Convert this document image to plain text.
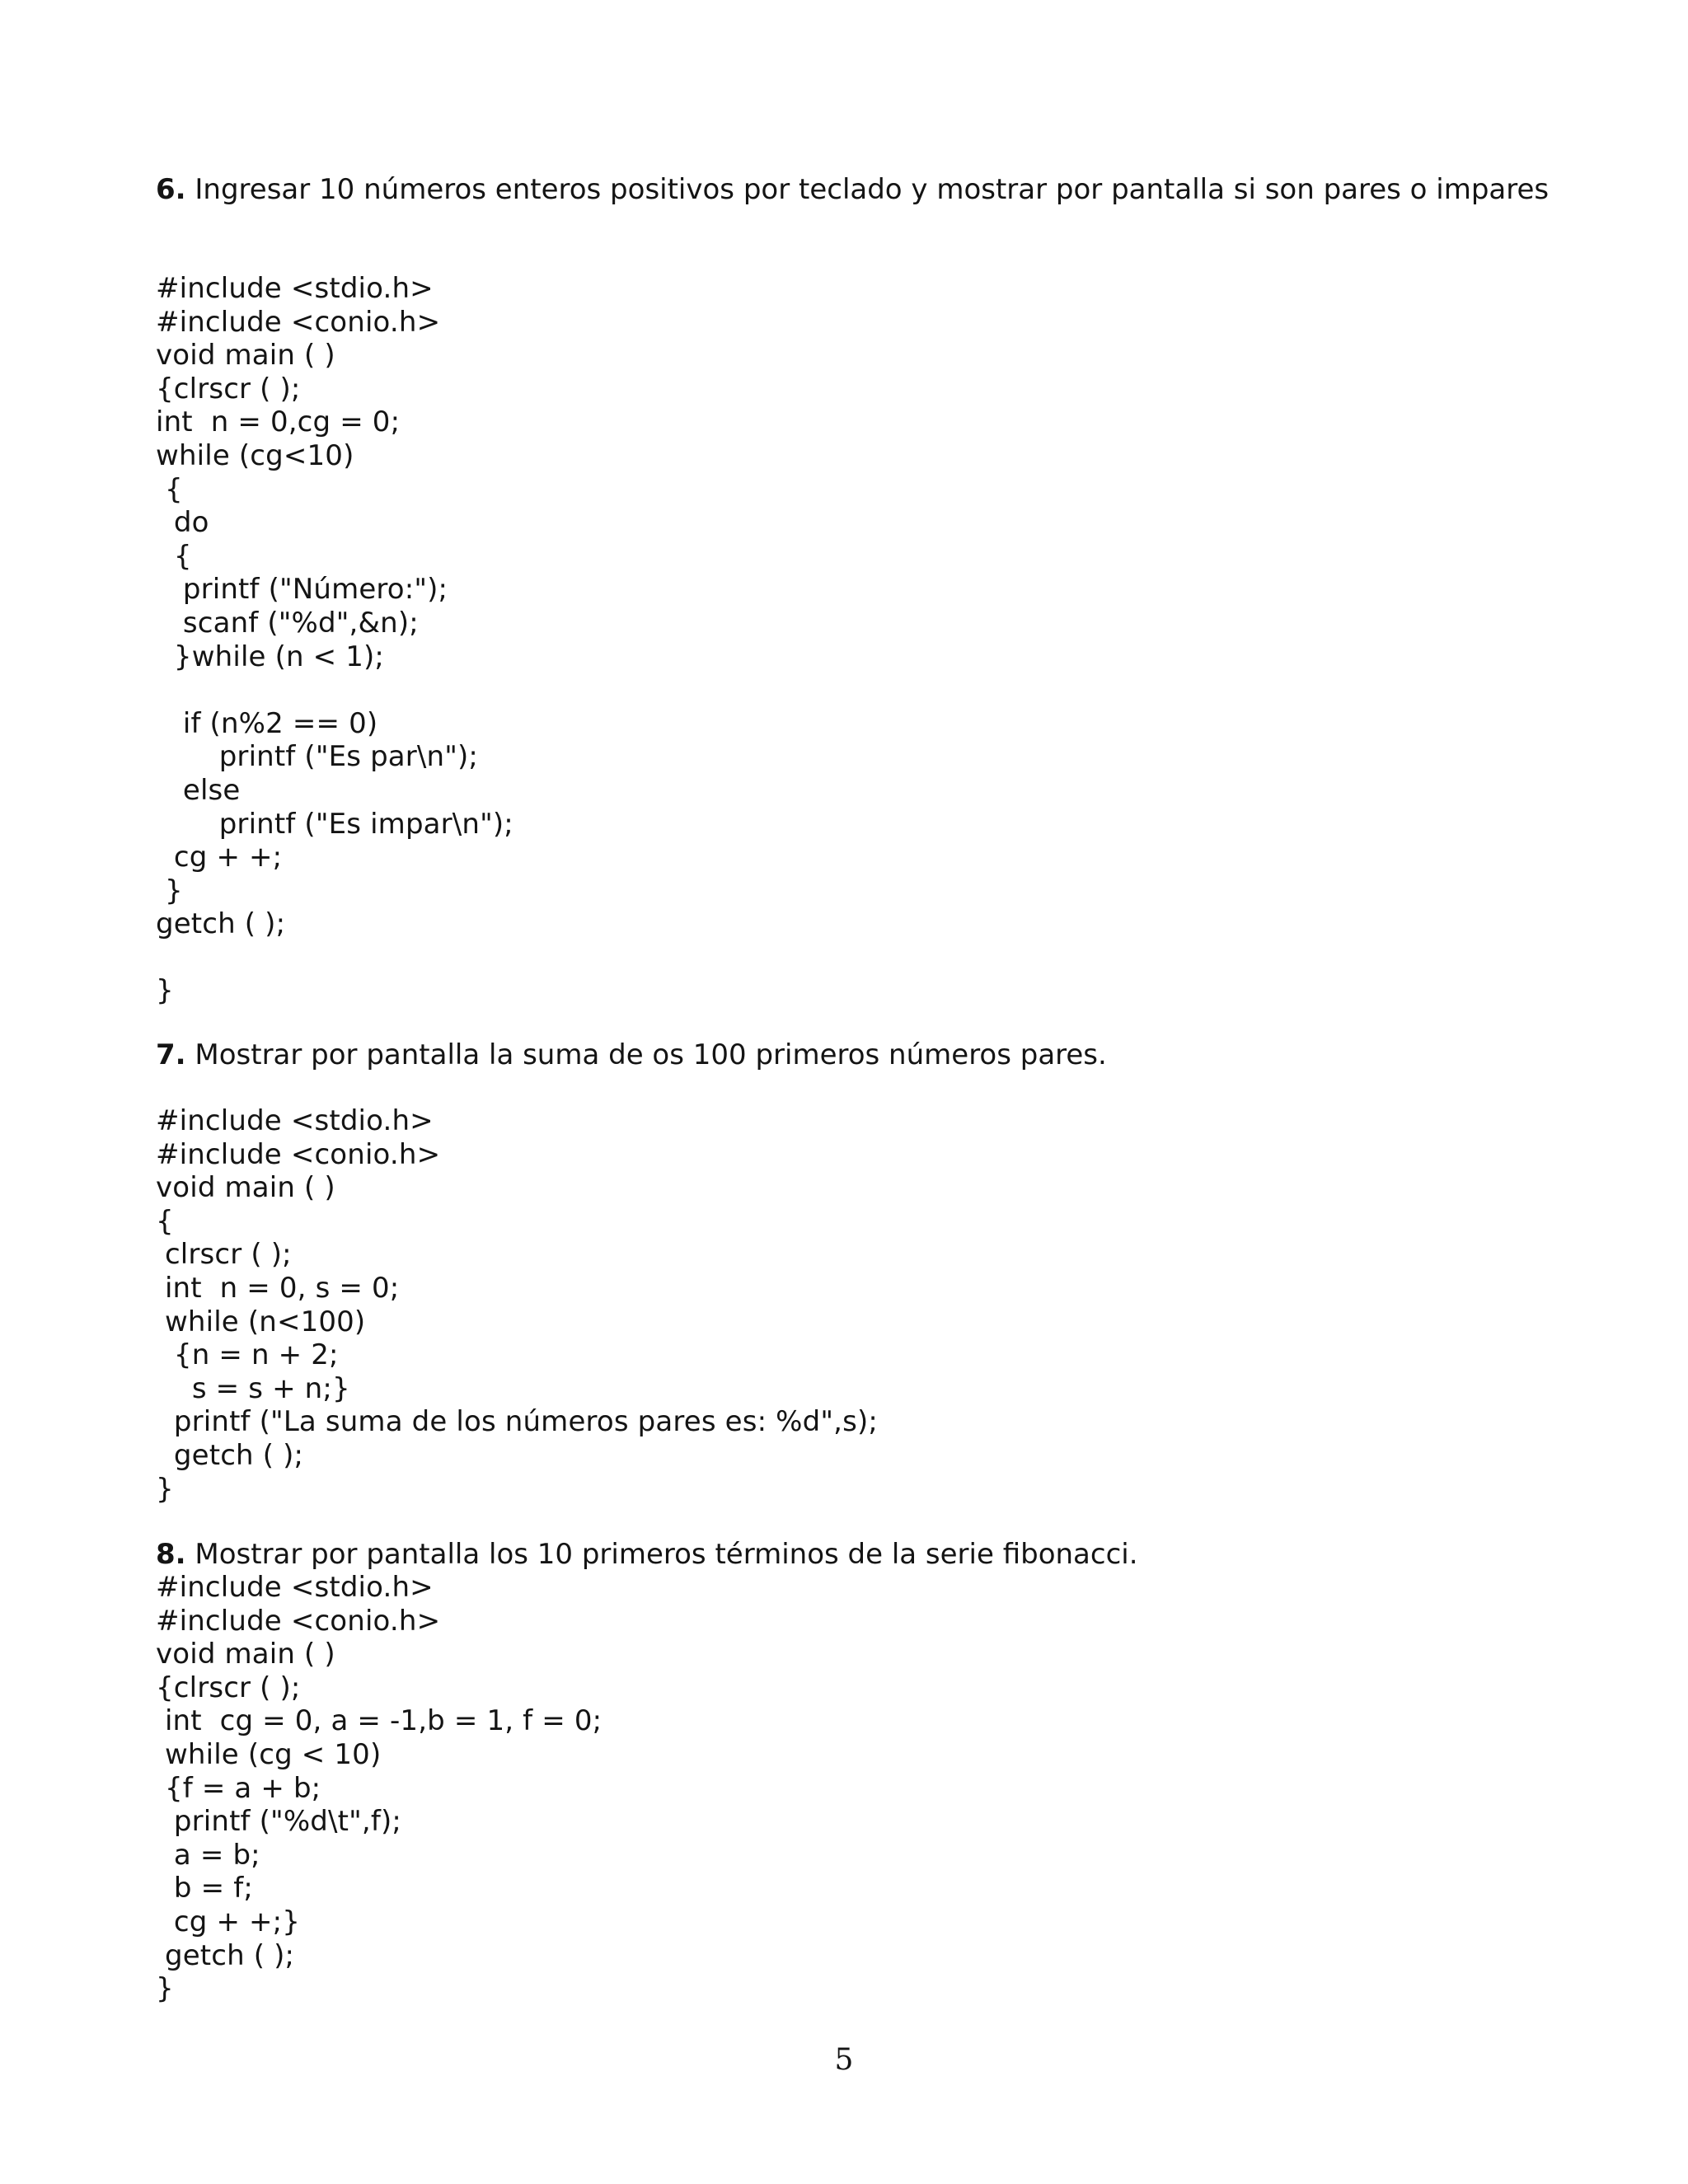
6. Ingresar 10 números enteros positivos por teclado y mostrar por pantalla si son pares o impares
#include <stdio.h>
#include <conio.h>
void main ( )
{clrscr ( );
int  n = 0,cg = 0;
while (cg<10)
{
do
{
printf ("Número:");
scanf ("%d",&n);
}while (n < 1);
if (n%2 == 0)
printf ("Es par\n");
else
printf ("Es impar\n");
cg + +;
}
getch ( );
}
7. Mostrar por pantalla la suma de os 100 primeros números pares.
#include <stdio.h>
#include <conio.h>
void main ( )
{
clrscr ( );
int  n = 0, s = 0;
while (n<100)
{n = n + 2;
s = s + n;}
printf ("La suma de los números pares es: %d",s);
getch ( );
}
8. Mostrar por pantalla los 10 primeros términos de la serie fibonacci.
#include <stdio.h>
#include <conio.h>
void main ( )
{clrscr ( );
int  cg = 0, a = -1,b = 1, f = 0;
while (cg < 10)
{f = a + b;
printf ("%d\t",f);
a = b;
b = f;
cg + +;}
getch ( );
}
5
